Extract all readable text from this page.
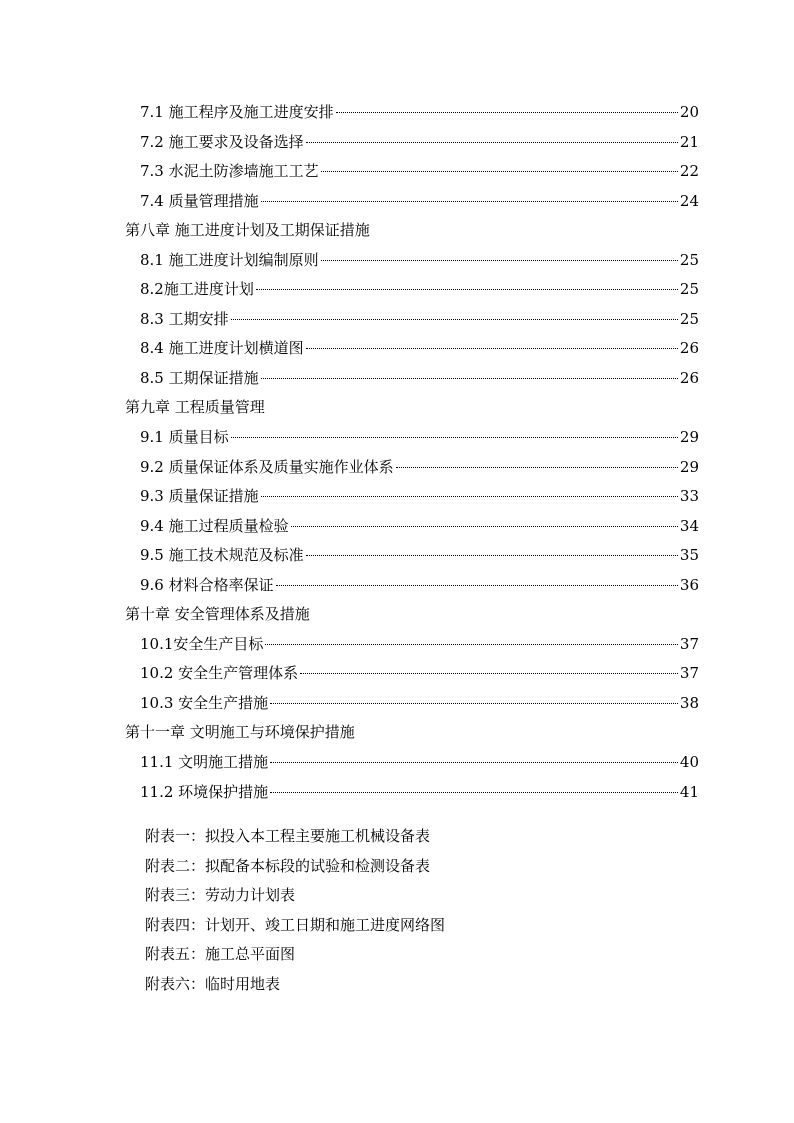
7.1 施工程序及施工进度安排	20
7.2 施工要求及设备选择	21
7.3 水泥土防渗墙施工工艺	22
7.4 质量管理措施	24
第八章 施工进度计划及工期保证措施
8.1 施工进度计划编制原则	25
8.2施工进度计划	25
8.3 工期安排	25
8.4 施工进度计划横道图	26
8.5 工期保证措施	26
第九章 工程质量管理
9.1 质量目标	29
9.2 质量保证体系及质量实施作业体系	29
9.3 质量保证措施	33
9.4 施工过程质量检验	34
9.5 施工技术规范及标准	35
9.6 材料合格率保证	36
第十章 安全管理体系及措施
10.1安全生产目标	37
10.2 安全生产管理体系	37
10.3 安全生产措施	38
第十一章 文明施工与环境保护措施
11.1 文明施工措施	40
11.2 环境保护措施	41
附表一：拟投入本工程主要施工机械设备表
附表二：拟配备本标段的试验和检测设备表
附表三：劳动力计划表
附表四：计划开、竣工日期和施工进度网络图
附表五：施工总平面图
附表六：临时用地表
